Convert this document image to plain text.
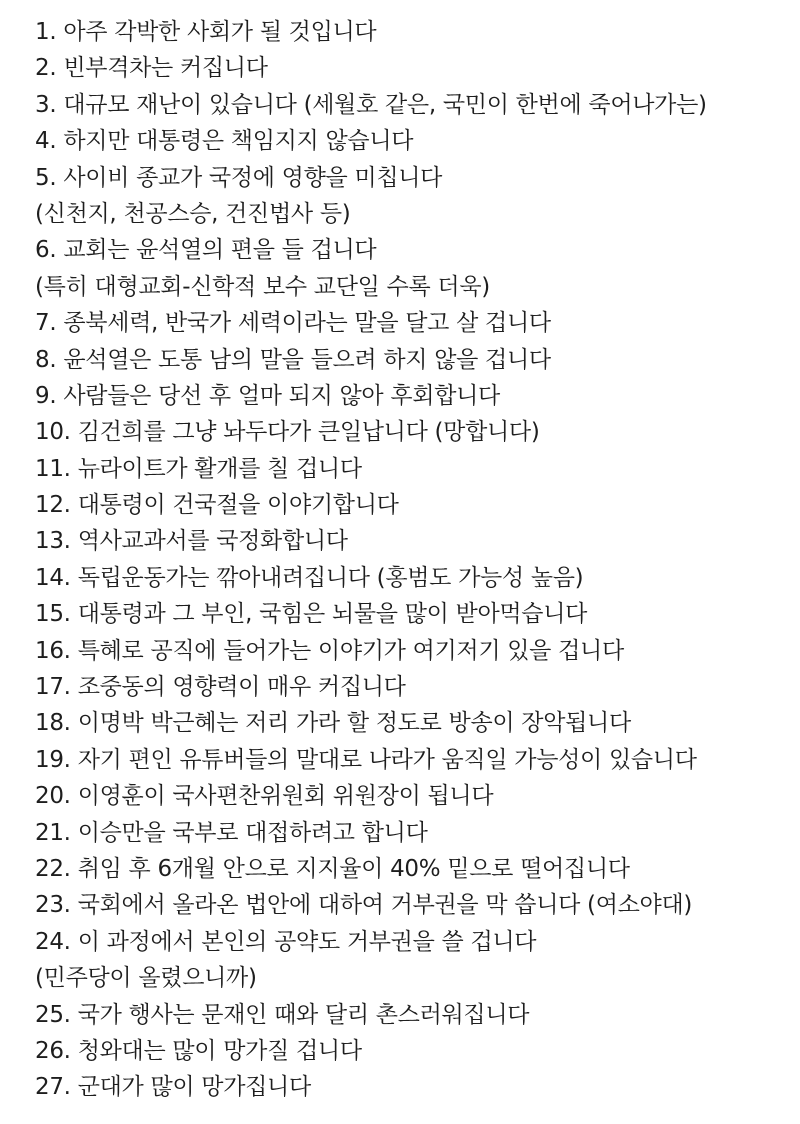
1. 아주 각박한 사회가 될 것입니다
2. 빈부격차는 커집니다
3. 대규모 재난이 있습니다 (세월호 같은, 국민이 한번에 죽어나가는)
4. 하지만 대통령은 책임지지 않습니다
5. 사이비 종교가 국정에 영향을 미칩니다
(신천지, 천공스승, 건진법사 등)
6. 교회는 윤석열의 편을 들 겁니다
(특히 대형교회-신학적 보수 교단일 수록 더욱)
7. 종북세력, 반국가 세력이라는 말을 달고 살 겁니다
8. 윤석열은 도통 남의 말을 들으려 하지 않을 겁니다
9. 사람들은 당선 후 얼마 되지 않아 후회합니다
10. 김건희를 그냥 놔두다가 큰일납니다 (망합니다)
11. 뉴라이트가 활개를 칠 겁니다
12. 대통령이 건국절을 이야기합니다
13. 역사교과서를 국정화합니다
14. 독립운동가는 깎아내려집니다 (홍범도 가능성 높음)
15. 대통령과 그 부인, 국힘은 뇌물을 많이 받아먹습니다
16. 특혜로 공직에 들어가는 이야기가 여기저기 있을 겁니다
17. 조중동의 영향력이 매우 커집니다
18. 이명박 박근혜는 저리 가라 할 정도로 방송이 장악됩니다
19. 자기 편인 유튜버들의 말대로 나라가 움직일 가능성이 있습니다
20. 이영훈이 국사편찬위원회 위원장이 됩니다
21. 이승만을 국부로 대접하려고 합니다
22. 취임 후 6개월 안으로 지지율이 40% 밑으로 떨어집니다
23. 국회에서 올라온 법안에 대하여 거부권을 막 씁니다 (여소야대)
24. 이 과정에서 본인의 공약도 거부권을 쓸 겁니다
(민주당이 올렸으니까)
25. 국가 행사는 문재인 때와 달리 촌스러워집니다
26. 청와대는 많이 망가질 겁니다
27. 군대가 많이 망가집니다
